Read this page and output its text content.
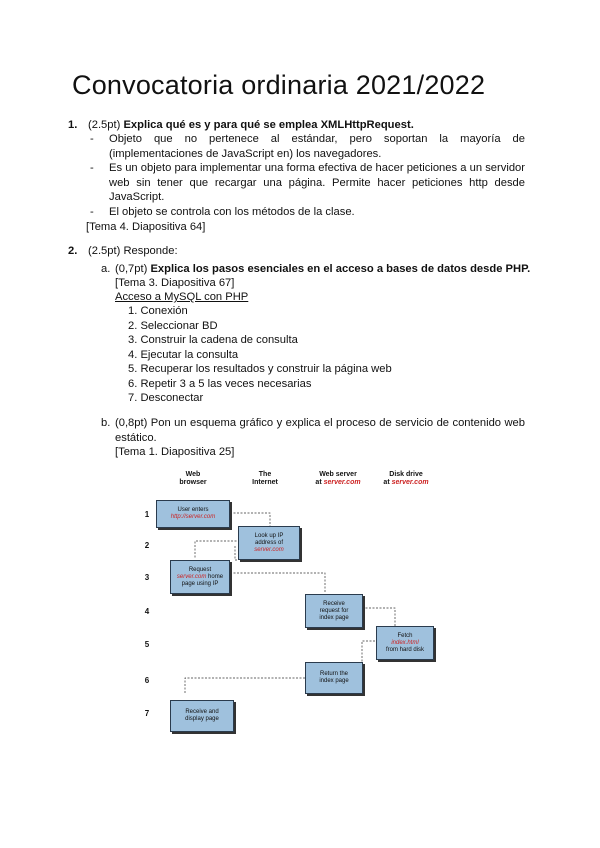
Convocatoria ordinaria 2021/2022
1. (2.5pt) Explica qué es y para qué se emplea XMLHttpRequest.
- Objeto que no pertenece al estándar, pero soportan la mayoría de (implementaciones de JavaScript en) los navegadores.
- Es un objeto para implementar una forma efectiva de hacer peticiones a un servidor web sin tener que recargar una página. Permite hacer peticiones http desde JavaScript.
- El objeto se controla con los métodos de la clase.
[Tema 4. Diapositiva 64]
2. (2.5pt) Responde:
a. (0,7pt) Explica los pasos esenciales en el acceso a bases de datos desde PHP.
[Tema 3. Diapositiva 67]
Acceso a MySQL con PHP
1. Conexión
2. Seleccionar BD
3. Construir la cadena de consulta
4. Ejecutar la consulta
5. Recuperar los resultados y construir la página web
6. Repetir 3 a 5 las veces necesarias
7. Desconectar
b. (0,8pt) Pon un esquema gráfico y explica el proceso de servicio de contenido web estático.
[Tema 1. Diapositiva 25]
Web
browser
The
Internet
Web server
at server.com
Disk drive
at server.com
1
2
3
4
5
6
7
User enters
http://server.com
Look up IP
address of
server.com
Request
server.com home
page using IP
Receive
request for
index page
Fetch
index.html
from hard disk
Return the
index page
Receive and
display page
